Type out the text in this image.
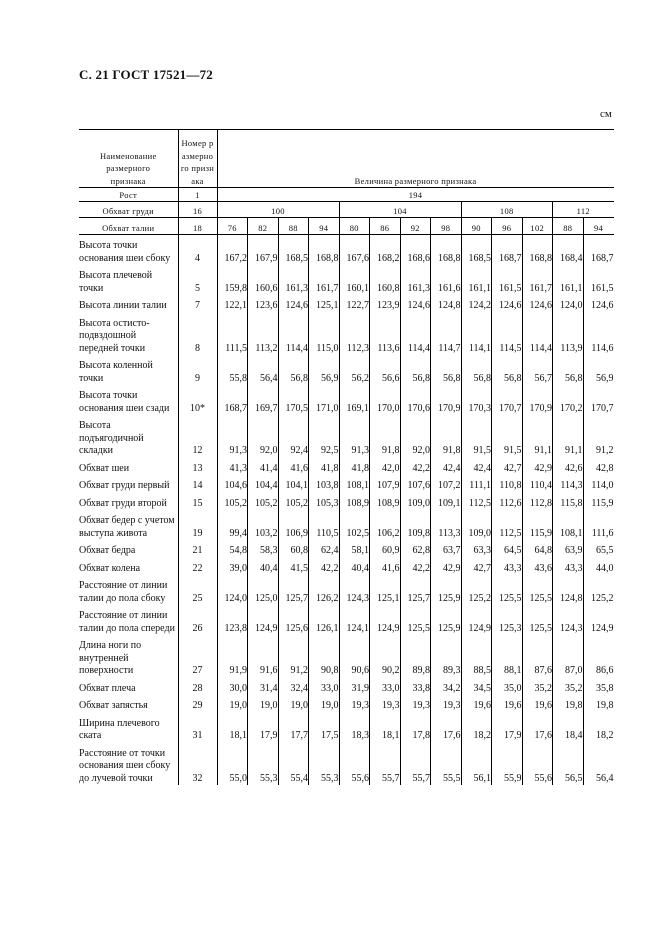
С. 21 ГОСТ 17521—72
см
Наименование размерного признака	Номер размерного признака	Величина размерного признака												
Рост	1	194												
Обхват груди	16	100				104				108			112	
Обхват талии	18	76	82	88	94	80	86	92	98	90	96	102	88	94
Высота точки основания шеи сбоку	4	167,2	167,9	168,5	168,8	167,6	168,2	168,6	168,8	168,5	168,7	168,8	168,4	168,7
Высота плечевой точки	5	159,8	160,6	161,3	161,7	160,1	160,8	161,3	161,6	161,1	161,5	161,7	161,1	161,5
Высота линии талии	7	122,1	123,6	124,6	125,1	122,7	123,9	124,6	124,8	124,2	124,6	124,6	124,0	124,6
Высота остисто-подвздошной передней точки	8	111,5	113,2	114,4	115,0	112,3	113,6	114,4	114,7	114,1	114,5	114,4	113,9	114,6
Высота коленной точки	9	55,8	56,4	56,8	56,9	56,2	56,6	56,8	56,8	56,8	56,8	56,7	56,8	56,9
Высота точки основания шеи сзади	10*	168,7	169,7	170,5	171,0	169,1	170,0	170,6	170,9	170,3	170,7	170,9	170,2	170,7
Высота подъягодичной складки	12	91,3	92,0	92,4	92,5	91,3	91,8	92,0	91,8	91,5	91,5	91,1	91,1	91,2
Обхват шеи	13	41,3	41,4	41,6	41,8	41,8	42,0	42,2	42,4	42,4	42,7	42,9	42,6	42,8
Обхват груди первый	14	104,6	104,4	104,1	103,8	108,1	107,9	107,6	107,2	111,1	110,8	110,4	114,3	114,0
Обхват груди второй	15	105,2	105,2	105,2	105,3	108,9	108,9	109,0	109,1	112,5	112,6	112,8	115,8	115,9
Обхват бедер с учетом выступа живота	19	99,4	103,2	106,9	110,5	102,5	106,2	109,8	113,3	109,0	112,5	115,9	108,1	111,6
Обхват бедра	21	54,8	58,3	60,8	62,4	58,1	60,9	62,8	63,7	63,3	64,5	64,8	63,9	65,5
Обхват колена	22	39,0	40,4	41,5	42,2	40,4	41,6	42,2	42,9	42,7	43,3	43,6	43,3	44,0
Расстояние от линии талии до пола сбоку	25	124,0	125,0	125,7	126,2	124,3	125,1	125,7	125,9	125,2	125,5	125,5	124,8	125,2
Расстояние от линии талии до пола спереди	26	123,8	124,9	125,6	126,1	124,1	124,9	125,5	125,9	124,9	125,3	125,5	124,3	124,9
Длина ноги по внутренней поверхности	27	91,9	91,6	91,2	90,8	90,6	90,2	89,8	89,3	88,5	88,1	87,6	87,0	86,6
Обхват плеча	28	30,0	31,4	32,4	33,0	31,9	33,0	33,8	34,2	34,5	35,0	35,2	35,2	35,8
Обхват запястья	29	19,0	19,0	19,0	19,0	19,3	19,3	19,3	19,3	19,6	19,6	19,6	19,8	19,8
Ширина плечевого ската	31	18,1	17,9	17,7	17,5	18,3	18,1	17,8	17,6	18,2	17,9	17,6	18,4	18,2
Расстояние от точки основания шеи сбоку до лучевой точки	32	55,0	55,3	55,4	55,3	55,6	55,7	55,7	55,5	56,1	55,9	55,6	56,5	56,4
